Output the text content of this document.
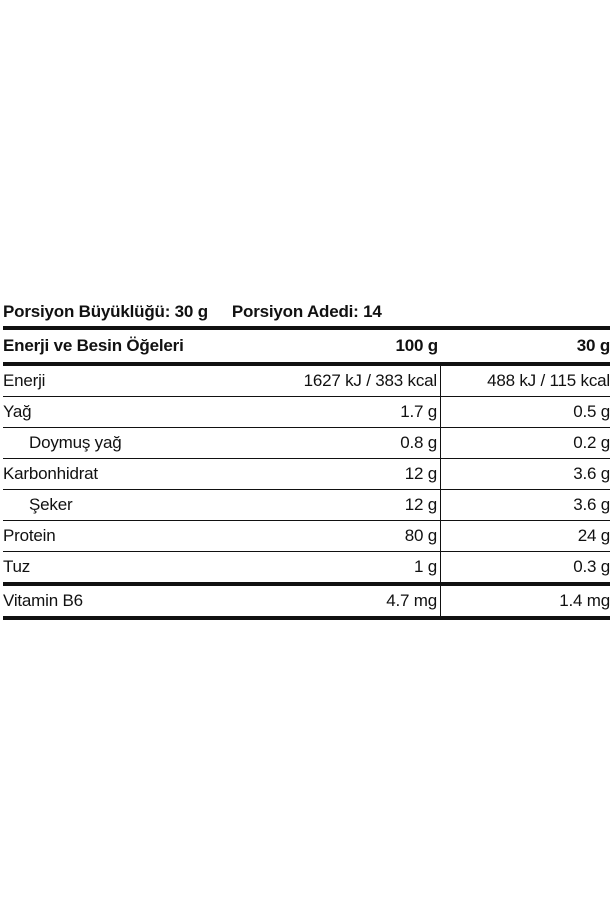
Porsiyon Büyüklüğü: 30 g Porsiyon Adedi: 14
Enerji ve Besin Öğeleri	100 g	30 g
Enerji	1627 kJ / 383 kcal	488 kJ / 115 kcal
Yağ	1.7 g	0.5 g
Doymuş yağ	0.8 g	0.2 g
Karbonhidrat	12 g	3.6 g
Şeker	12 g	3.6 g
Protein	80 g	24 g
Tuz	1 g	0.3 g
Vitamin B6	4.7 mg	1.4 mg
